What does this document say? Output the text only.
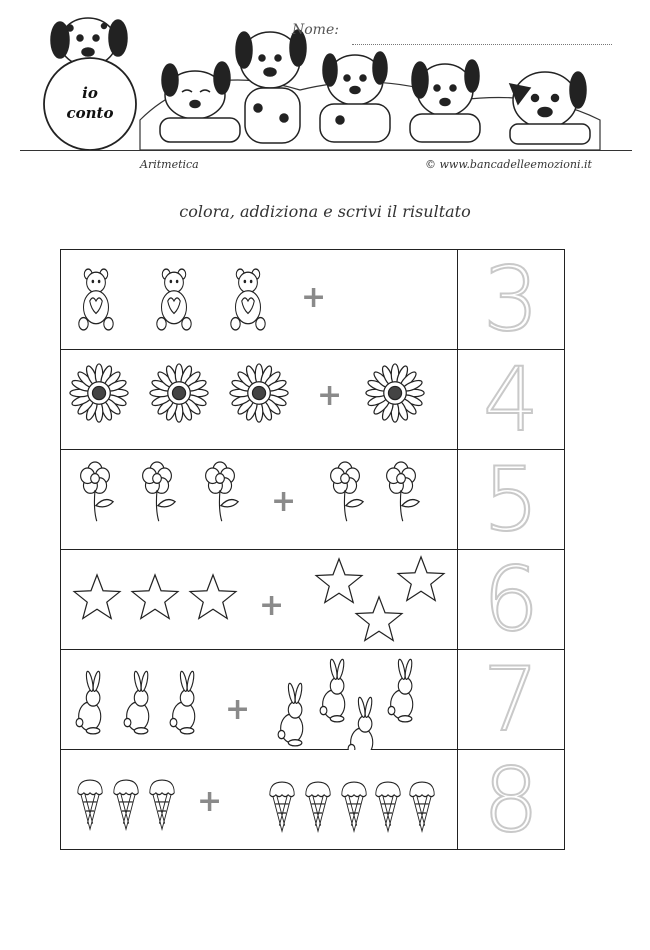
Nome:
io
conto
Aritmetica	© www.bancadelleemozioni.it
colora, addiziona e scrivi il risultato
+ 3
+ 4
+ 5
+ 6
+	7
+	8
